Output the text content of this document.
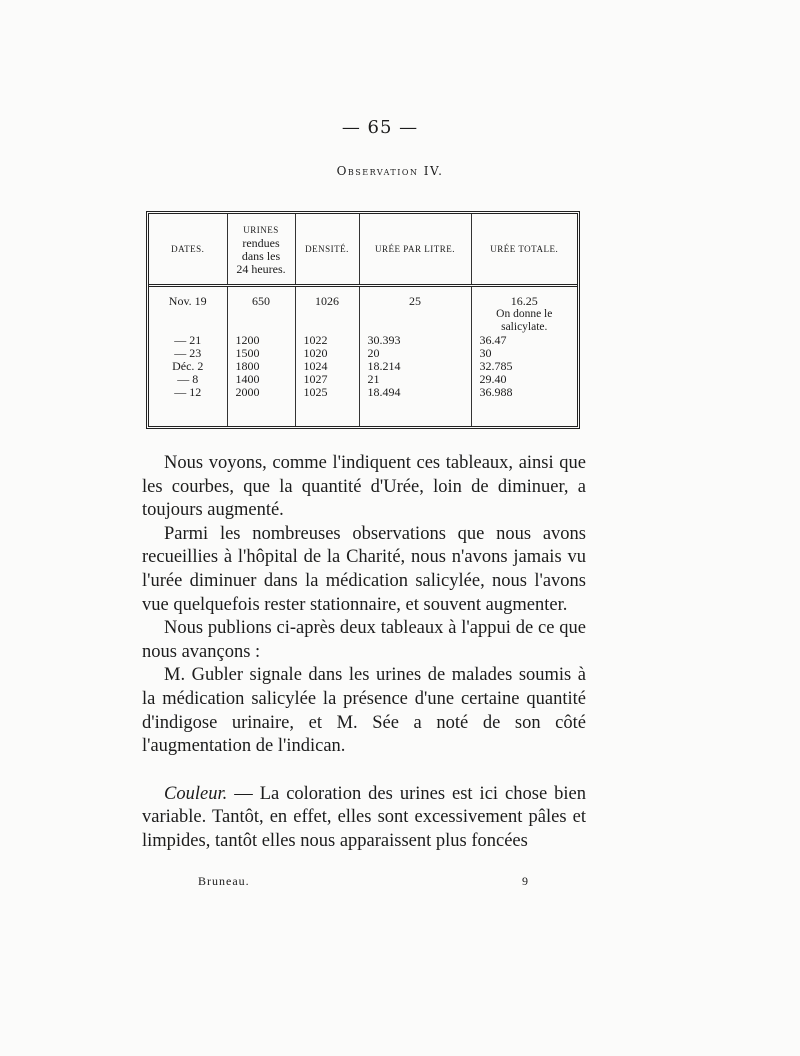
— 65 —
Observation IV.
DATES.	URINES
rendues
dans les
24 heures.	DENSITÉ.	URÉE PAR LITRE.	URÉE TOTALE.
Nov. 19	650	1026	25	16.25
On donne le salicylate.

— 21	1200	1022	30.393	36.47
— 23	1500	1020	20	30
Déc. 2	1800	1024	18.214	32.785
— 8	1400	1027	21	29.40
— 12	2000	1025	18.494	36.988

Nous voyons, comme l'indiquent ces tableaux, ainsi que les courbes, que la quantité d'Urée, loin de diminuer, a toujours augmenté.

Parmi les nombreuses observations que nous avons recueillies à l'hôpital de la Charité, nous n'avons jamais vu l'urée diminuer dans la médication salicylée, nous l'avons vue quelquefois rester stationnaire, et souvent augmenter.

Nous publions ci-après deux tableaux à l'appui de ce que nous avançons :

M. Gubler signale dans les urines de malades soumis à la médication salicylée la présence d'une certaine quantité d'indigose urinaire, et M. Sée a noté de son côté l'augmentation de l'indican.

Couleur. — La coloration des urines est ici chose bien variable. Tantôt, en effet, elles sont excessivement pâles et limpides, tantôt elles nous apparaissent plus foncées

Bruneau.	9
